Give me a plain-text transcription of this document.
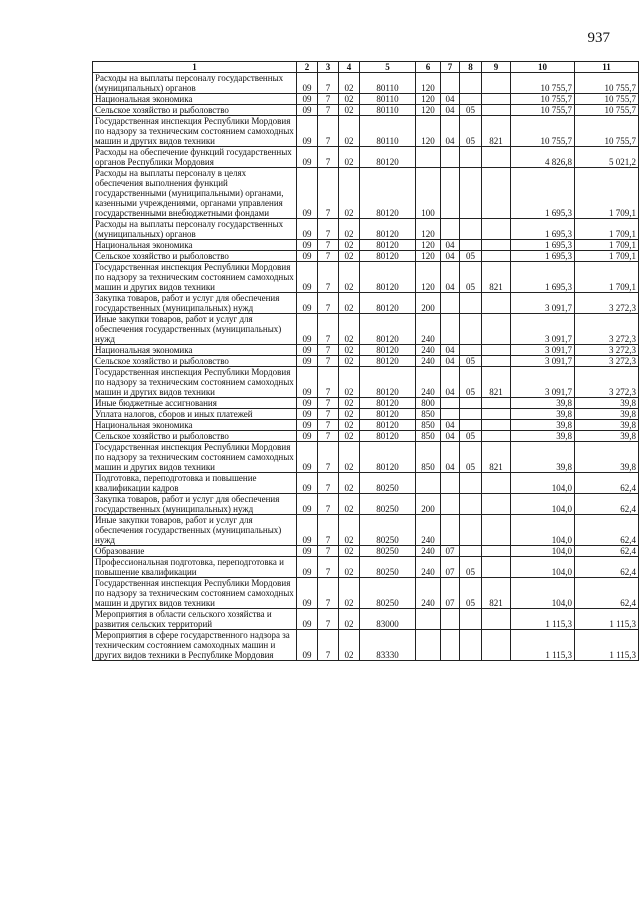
937
1	2	3	4	5	6	7	8	9	10	11
Расходы на выплаты персоналу государственных (муниципальных) органов	09	7	02	80110	120				10 755,7	10 755,7
Национальная экономика	09	7	02	80110	120	04			10 755,7	10 755,7
Сельское хозяйство и рыболовство	09	7	02	80110	120	04	05		10 755,7	10 755,7
Государственная инспекция Республики Мордовия по надзору за техническим состоянием самоходных машин и других видов техники	09	7	02	80110	120	04	05	821	10 755,7	10 755,7
Расходы на обеспечение функций государственных органов Республики Мордовия	09	7	02	80120					4 826,8	5 021,2
Расходы на выплаты персоналу в целях обеспечения выполнения функций государственными (муниципальными) органами, казенными учреждениями, органами управления государственными внебюджетными фондами	09	7	02	80120	100				1 695,3	1 709,1
Расходы на выплаты персоналу государственных (муниципальных) органов	09	7	02	80120	120				1 695,3	1 709,1
Национальная экономика	09	7	02	80120	120	04			1 695,3	1 709,1
Сельское хозяйство и рыболовство	09	7	02	80120	120	04	05		1 695,3	1 709,1
Государственная инспекция Республики Мордовия по надзору за техническим состоянием самоходных машин и других видов техники	09	7	02	80120	120	04	05	821	1 695,3	1 709,1
Закупка товаров, работ и услуг для обеспечения государственных (муниципальных) нужд	09	7	02	80120	200				3 091,7	3 272,3
Иные закупки товаров, работ и услуг для обеспечения государственных (муниципальных) нужд	09	7	02	80120	240				3 091,7	3 272,3
Национальная экономика	09	7	02	80120	240	04			3 091,7	3 272,3
Сельское хозяйство и рыболовство	09	7	02	80120	240	04	05		3 091,7	3 272,3
Государственная инспекция Республики Мордовия по надзору за техническим состоянием самоходных машин и других видов техники	09	7	02	80120	240	04	05	821	3 091,7	3 272,3
Иные бюджетные ассигнования	09	7	02	80120	800				39,8	39,8
Уплата налогов, сборов и иных платежей	09	7	02	80120	850				39,8	39,8
Национальная экономика	09	7	02	80120	850	04			39,8	39,8
Сельское хозяйство и рыболовство	09	7	02	80120	850	04	05		39,8	39,8
Государственная инспекция Республики Мордовия по надзору за техническим состоянием самоходных машин и других видов техники	09	7	02	80120	850	04	05	821	39,8	39,8
Подготовка, переподготовка и повышение квалификации кадров	09	7	02	80250					104,0	62,4
Закупка товаров, работ и услуг для обеспечения государственных (муниципальных) нужд	09	7	02	80250	200				104,0	62,4
Иные закупки товаров, работ и услуг для обеспечения государственных (муниципальных) нужд	09	7	02	80250	240				104,0	62,4
Образование	09	7	02	80250	240	07			104,0	62,4
Профессиональная подготовка, переподготовка и повышение квалификации	09	7	02	80250	240	07	05		104,0	62,4
Государственная инспекция Республики Мордовия по надзору за техническим состоянием самоходных машин и других видов техники	09	7	02	80250	240	07	05	821	104,0	62,4
Мероприятия в области сельского хозяйства и развития сельских территорий	09	7	02	83000					1 115,3	1 115,3
Мероприятия в сфере государственного надзора за техническим состоянием самоходных машин и других видов техники в Республике Мордовия	09	7	02	83330					1 115,3	1 115,3
